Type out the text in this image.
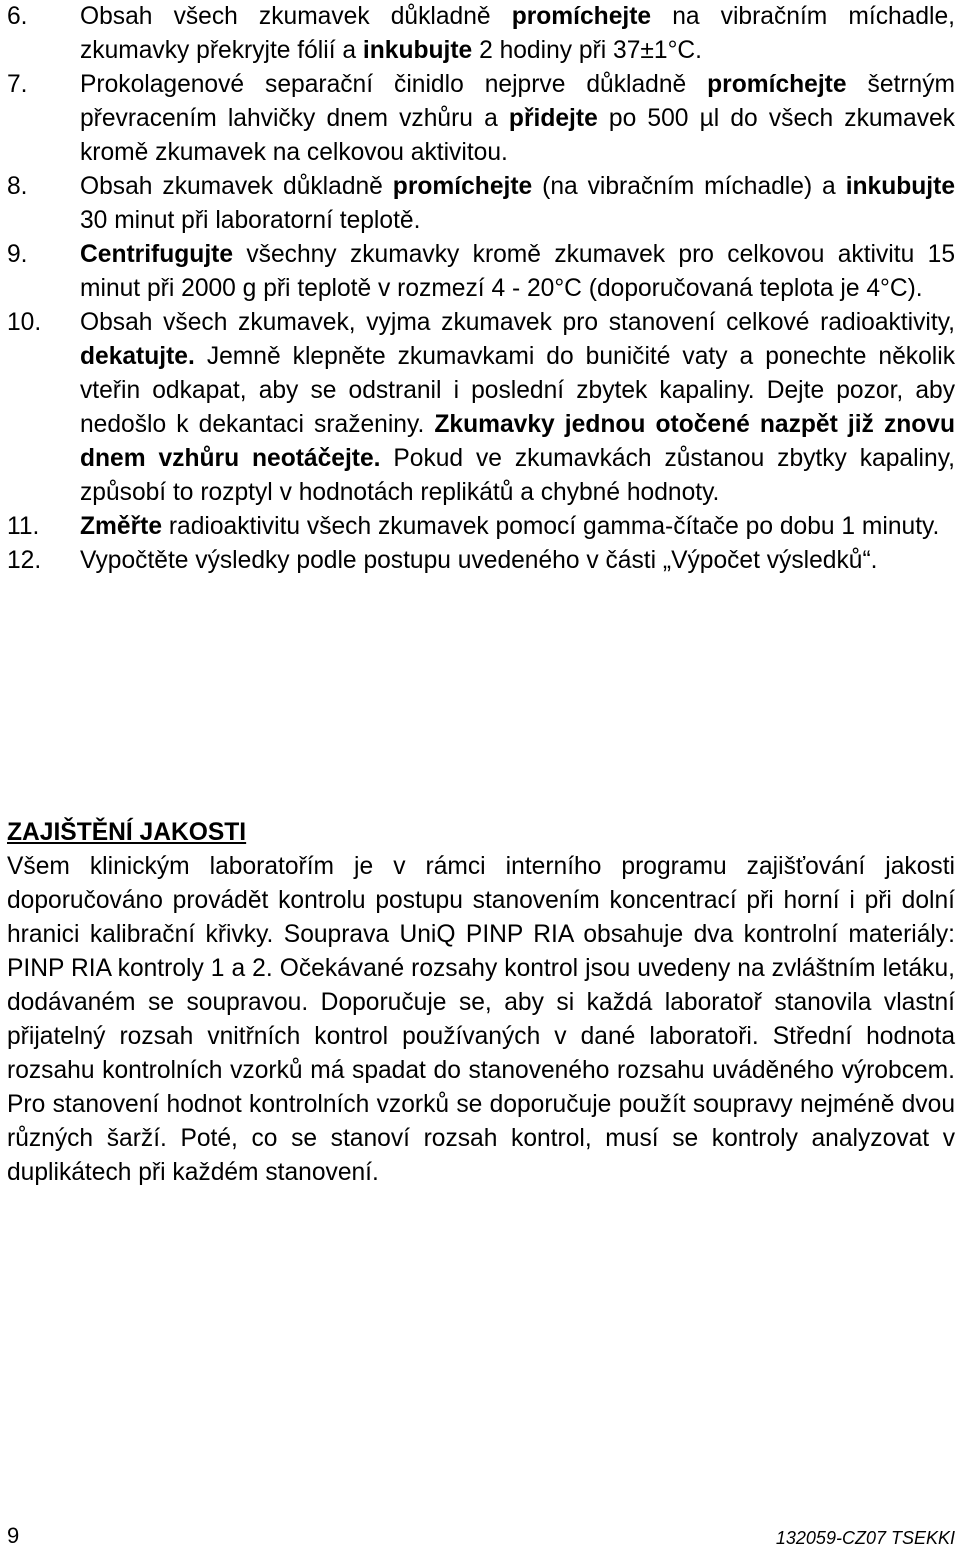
6.	Obsah všech zkumavek důkladně promíchejte na vibračním míchadle, zkumavky překryjte fólií a inkubujte 2 hodiny při 37±1°C.
7.	Prokolagenové separační činidlo nejprve důkladně promíchejte šetrným převracením lahvičky dnem vzhůru a přidejte po 500 µl do všech zkumavek kromě zkumavek na celkovou aktivitou.
8.	Obsah zkumavek důkladně promíchejte (na vibračním míchadle) a inkubujte 30 minut při laboratorní teplotě.
9.	Centrifugujte všechny zkumavky kromě zkumavek pro celkovou aktivitu 15 minut při 2000 g při teplotě v rozmezí 4 - 20°C (doporučovaná teplota je 4°C).
10.	Obsah všech zkumavek, vyjma zkumavek pro stanovení celkové radioaktivity, dekatujte. Jemně klepněte zkumavkami do buničité vaty a ponechte několik vteřin odkapat, aby se odstranil i poslední zbytek kapaliny. Dejte pozor, aby nedošlo k dekantaci sraženiny. Zkumavky jednou otočené nazpět již znovu dnem vzhůru neotáčejte. Pokud ve zkumavkách zůstanou zbytky kapaliny, způsobí to rozptyl v hodnotách replikátů a chybné hodnoty.
11.	Změřte radioaktivitu všech zkumavek pomocí gamma-čítače po dobu 1 minuty.
12.	Vypočtěte výsledky podle postupu uvedeného v části „Výpočet výsledků“.

ZAJIŠTĚNÍ JAKOSTI

Všem klinickým laboratořím je v rámci interního programu zajišťování jakosti doporučováno provádět kontrolu postupu stanovením koncentrací při horní i při dolní hranici kalibrační křivky. Souprava UniQ PINP RIA obsahuje dva kontrolní materiály: PINP RIA kontroly 1 a 2. Očekávané rozsahy kontrol jsou uvedeny na zvláštním letáku, dodávaném se soupravou. Doporučuje se, aby si každá laboratoř stanovila vlastní přijatelný rozsah vnitřních kontrol používaných v dané laboratoři. Střední hodnota rozsahu kontrolních vzorků má spadat do stanoveného rozsahu uváděného výrobcem. Pro stanovení hodnot kontrolních vzorků se doporučuje použít soupravy nejméně dvou různých šarží. Poté, co se stanoví rozsah kontrol, musí se kontroly analyzovat v duplikátech při každém stanovení.

9	132059-CZ07 TSEKKI
